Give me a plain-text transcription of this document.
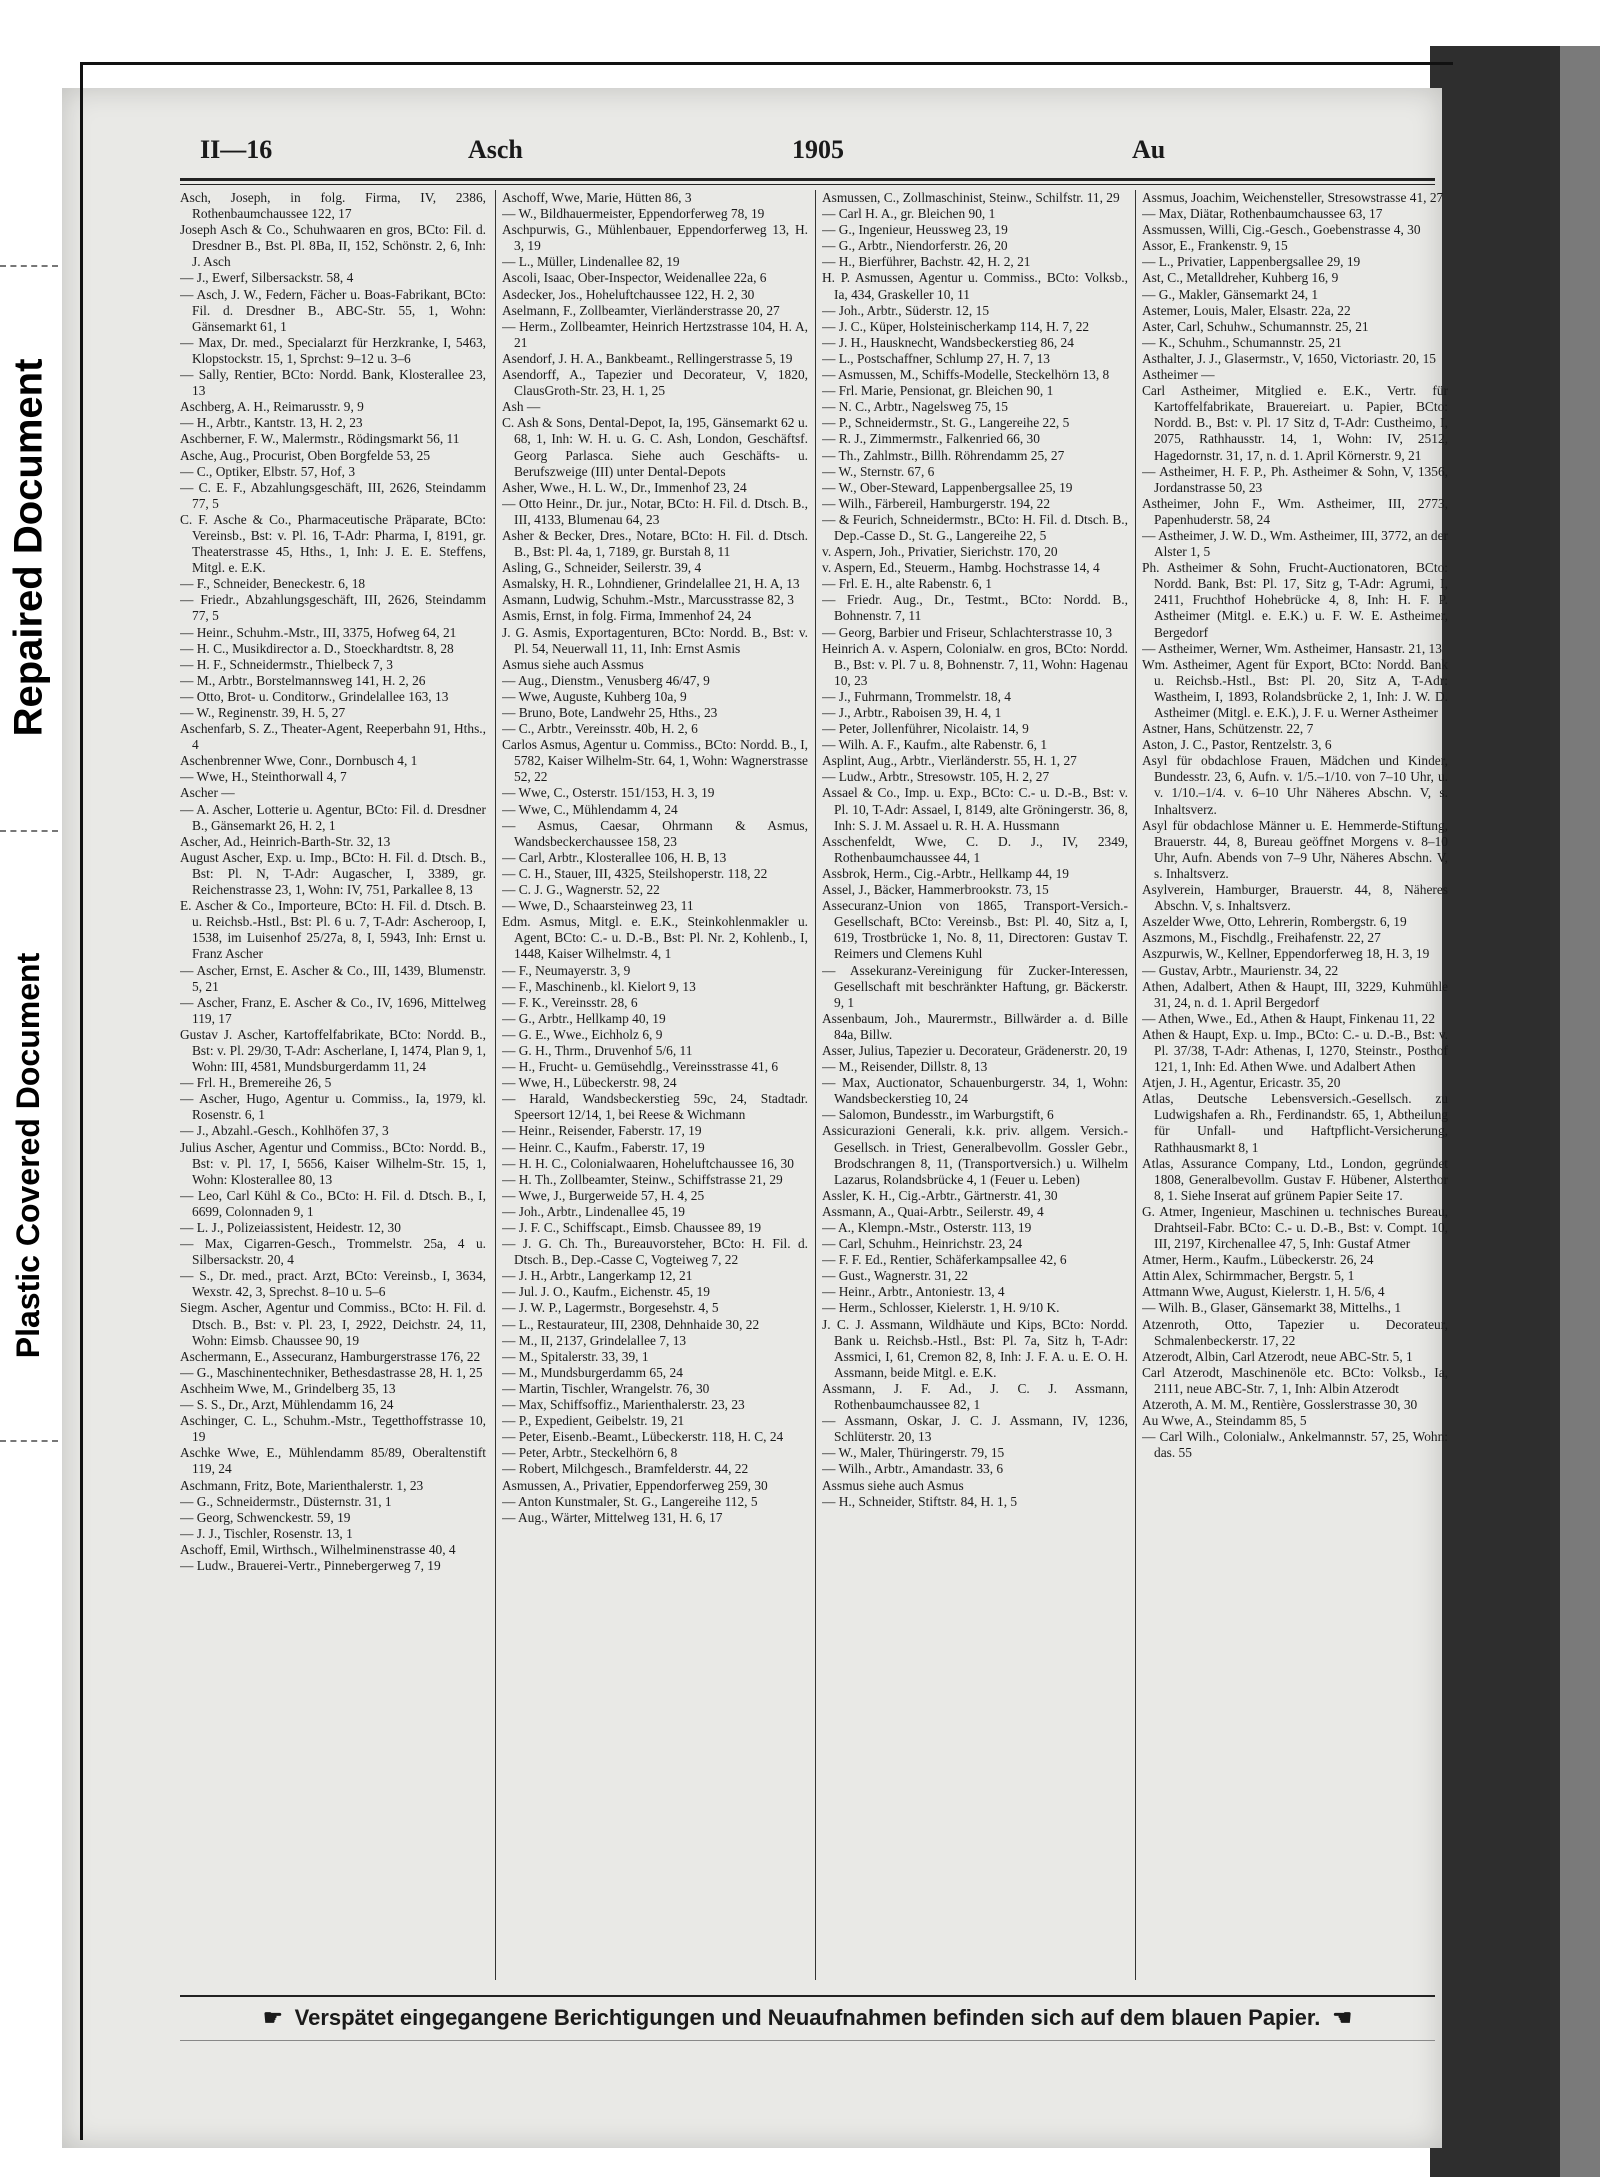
Repaired Document
Plastic Covered Document
II—16	Asch	1905	Au

Asch, Joseph, in folg. Firma, IV, 2386, Rothenbaumchaussee 122, 17

Joseph Asch & Co., Schuhwaaren en gros, BCto: Fil. d. Dresdner B., Bst. Pl. 8Ba, II, 152, Schönstr. 2, 6, Inh: J. Asch

— J., Ewerf, Silbersackstr. 58, 4

— Asch, J. W., Federn, Fächer u. Boas-Fabrikant, BCto: Fil. d. Dresdner B., ABC-Str. 55, 1, Wohn: Gänsemarkt 61, 1

— Max, Dr. med., Specialarzt für Herzkranke, I, 5463, Klopstockstr. 15, 1, Sprchst: 9–12 u. 3–6

— Sally, Rentier, BCto: Nordd. Bank, Klosterallee 23, 13

Aschberg, A. H., Reimarusstr. 9, 9

— H., Arbtr., Kantstr. 13, H. 2, 23

Aschberner, F. W., Malermstr., Rödingsmarkt 56, 11

Asche, Aug., Procurist, Oben Borgfelde 53, 25

— C., Optiker, Elbstr. 57, Hof, 3

— C. E. F., Abzahlungsgeschäft, III, 2626, Steindamm 77, 5

C. F. Asche & Co., Pharmaceutische Präparate, BCto: Vereinsb., Bst: v. Pl. 16, T-Adr: Pharma, I, 8191, gr. Theaterstrasse 45, Hths., 1, Inh: J. E. E. Steffens, Mitgl. e. E.K.

— F., Schneider, Beneckestr. 6, 18

— Friedr., Abzahlungsgeschäft, III, 2626, Steindamm 77, 5

— Heinr., Schuhm.-Mstr., III, 3375, Hofweg 64, 21

— H. C., Musikdirector a. D., Stoeckhardtstr. 8, 28

— H. F., Schneidermstr., Thielbeck 7, 3

— M., Arbtr., Borstelmannsweg 141, H. 2, 26

— Otto, Brot- u. Conditorw., Grindelallee 163, 13

— W., Reginenstr. 39, H. 5, 27

Aschenfarb, S. Z., Theater-Agent, Reeperbahn 91, Hths., 4

Aschenbrenner Wwe, Conr., Dornbusch 4, 1

— Wwe, H., Steinthorwall 4, 7

Ascher —

— A. Ascher, Lotterie u. Agentur, BCto: Fil. d. Dresdner B., Gänsemarkt 26, H. 2, 1

Ascher, Ad., Heinrich-Barth-Str. 32, 13

August Ascher, Exp. u. Imp., BCto: H. Fil. d. Dtsch. B., Bst: Pl. N, T-Adr: Augascher, I, 3389, gr. Reichenstrasse 23, 1, Wohn: IV, 751, Parkallee 8, 13

E. Ascher & Co., Importeure, BCto: H. Fil. d. Dtsch. B. u. Reichsb.-Hstl., Bst: Pl. 6 u. 7, T-Adr: Ascheroop, I, 1538, im Luisenhof 25/27a, 8, I, 5943, Inh: Ernst u. Franz Ascher

— Ascher, Ernst, E. Ascher & Co., III, 1439, Blumenstr. 5, 21

— Ascher, Franz, E. Ascher & Co., IV, 1696, Mittelweg 119, 17

Gustav J. Ascher, Kartoffelfabrikate, BCto: Nordd. B., Bst: v. Pl. 29/30, T-Adr: Ascherlane, I, 1474, Plan 9, 1, Wohn: III, 4581, Mundsburgerdamm 11, 24

— Frl. H., Bremereihe 26, 5

— Ascher, Hugo, Agentur u. Commiss., Ia, 1979, kl. Rosenstr. 6, 1

— J., Abzahl.-Gesch., Kohlhöfen 37, 3

Julius Ascher, Agentur und Commiss., BCto: Nordd. B., Bst: v. Pl. 17, I, 5656, Kaiser Wilhelm-Str. 15, 1, Wohn: Klosterallee 80, 13

— Leo, Carl Kühl & Co., BCto: H. Fil. d. Dtsch. B., I, 6699, Colonnaden 9, 1

— L. J., Polizeiassistent, Heidestr. 12, 30

— Max, Cigarren-Gesch., Trommelstr. 25a, 4 u. Silbersackstr. 20, 4

— S., Dr. med., pract. Arzt, BCto: Vereinsb., I, 3634, Wexstr. 42, 3, Sprechst. 8–10 u. 5–6

Siegm. Ascher, Agentur und Commiss., BCto: H. Fil. d. Dtsch. B., Bst: v. Pl. 23, I, 2922, Deichstr. 24, 11, Wohn: Eimsb. Chaussee 90, 19

Aschermann, E., Assecuranz, Hamburgerstrasse 176, 22

— G., Maschinentechniker, Bethesdastrasse 28, H. 1, 25

Aschheim Wwe, M., Grindelberg 35, 13

— S. S., Dr., Arzt, Mühlendamm 16, 24

Aschinger, C. L., Schuhm.-Mstr., Tegetthoffstrasse 10, 19

Aschke Wwe, E., Mühlendamm 85/89, Oberaltenstift 119, 24

Aschmann, Fritz, Bote, Marienthalerstr. 1, 23

— G., Schneidermstr., Düsternstr. 31, 1

— Georg, Schwenckestr. 59, 19

— J. J., Tischler, Rosenstr. 13, 1

Aschoff, Emil, Wirthsch., Wilhelminenstrasse 40, 4

— Ludw., Brauerei-Vertr., Pinnebergerweg 7, 19

Aschoff, Wwe, Marie, Hütten 86, 3

— W., Bildhauermeister, Eppendorferweg 78, 19

Aschpurwis, G., Mühlenbauer, Eppendorferweg 13, H. 3, 19

— L., Müller, Lindenallee 82, 19

Ascoli, Isaac, Ober-Inspector, Weidenallee 22a, 6

Asdecker, Jos., Hoheluftchaussee 122, H. 2, 30

Aselmann, F., Zollbeamter, Vierländerstrasse 20, 27

— Herm., Zollbeamter, Heinrich Hertzstrasse 104, H. A, 21

Asendorf, J. H. A., Bankbeamt., Rellingerstrasse 5, 19

Asendorff, A., Tapezier und Decorateur, V, 1820, ClausGroth-Str. 23, H. 1, 25

Ash —

C. Ash & Sons, Dental-Depot, Ia, 195, Gänsemarkt 62 u. 68, 1, Inh: W. H. u. G. C. Ash, London, Geschäftsf. Georg Parlasca. Siehe auch Geschäfts- u. Berufszweige (III) unter Dental-Depots

Asher, Wwe., H. L. W., Dr., Immenhof 23, 24

— Otto Heinr., Dr. jur., Notar, BCto: H. Fil. d. Dtsch. B., III, 4133, Blumenau 64, 23

Asher & Becker, Dres., Notare, BCto: H. Fil. d. Dtsch. B., Bst: Pl. 4a, 1, 7189, gr. Burstah 8, 11

Asling, G., Schneider, Seilerstr. 39, 4

Asmalsky, H. R., Lohndiener, Grindelallee 21, H. A, 13

Asmann, Ludwig, Schuhm.-Mstr., Marcusstrasse 82, 3

Asmis, Ernst, in folg. Firma, Immenhof 24, 24

J. G. Asmis, Exportagenturen, BCto: Nordd. B., Bst: v. Pl. 54, Neuerwall 11, 11, Inh: Ernst Asmis

Asmus siehe auch Assmus

— Aug., Dienstm., Venusberg 46/47, 9

— Wwe, Auguste, Kuhberg 10a, 9

— Bruno, Bote, Landwehr 25, Hths., 23

— C., Arbtr., Vereinsstr. 40b, H. 2, 6

Carlos Asmus, Agentur u. Commiss., BCto: Nordd. B., I, 5782, Kaiser Wilhelm-Str. 64, 1, Wohn: Wagnerstrasse 52, 22

— Wwe, C., Osterstr. 151/153, H. 3, 19

— Wwe, C., Mühlendamm 4, 24

— Asmus, Caesar, Ohrmann & Asmus, Wandsbeckerchaussee 158, 23

— Carl, Arbtr., Klosterallee 106, H. B, 13

— C. H., Stauer, III, 4325, Steilshoperstr. 118, 22

— C. J. G., Wagnerstr. 52, 22

— Wwe, D., Schaarsteinweg 23, 11

Edm. Asmus, Mitgl. e. E.K., Steinkohlenmakler u. Agent, BCto: C.- u. D.-B., Bst: Pl. Nr. 2, Kohlenb., I, 1448, Kaiser Wilhelmstr. 4, 1

— F., Neumayerstr. 3, 9

— F., Maschinenb., kl. Kielort 9, 13

— F. K., Vereinsstr. 28, 6

— G., Arbtr., Hellkamp 40, 19

— G. E., Wwe., Eichholz 6, 9

— G. H., Thrm., Druvenhof 5/6, 11

— H., Frucht- u. Gemüsehdlg., Vereinsstrasse 41, 6

— Wwe, H., Lübeckerstr. 98, 24

— Harald, Wandsbeckerstieg 59c, 24, Stadtadr. Speersort 12/14, 1, bei Reese & Wichmann

— Heinr., Reisender, Faberstr. 17, 19

— Heinr. C., Kaufm., Faberstr. 17, 19

— H. H. C., Colonialwaaren, Hoheluftchaussee 16, 30

— H. Th., Zollbeamter, Steinw., Schiffstrasse 21, 29

— Wwe, J., Burgerweide 57, H. 4, 25

— Joh., Arbtr., Lindenallee 45, 19

— J. F. C., Schiffscapt., Eimsb. Chaussee 89, 19

— J. G. Ch. Th., Bureauvorsteher, BCto: H. Fil. d. Dtsch. B., Dep.-Casse C, Vogteiweg 7, 22

— J. H., Arbtr., Langerkamp 12, 21

— Jul. J. O., Kaufm., Eichenstr. 45, 19

— J. W. P., Lagermstr., Borgesehstr. 4, 5

— L., Restaurateur, III, 2308, Dehnhaide 30, 22

— M., II, 2137, Grindelallee 7, 13

— M., Spitalerstr. 33, 39, 1

— M., Mundsburgerdamm 65, 24

— Martin, Tischler, Wrangelstr. 76, 30

— Max, Schiffsoffiz., Marienthalerstr. 23, 23

— P., Expedient, Geibelstr. 19, 21

— Peter, Eisenb.-Beamt., Lübeckerstr. 118, H. C, 24

— Peter, Arbtr., Steckelhörn 6, 8

— Robert, Milchgesch., Bramfelderstr. 44, 22

Asmussen, A., Privatier, Eppendorferweg 259, 30

— Anton Kunstmaler, St. G., Langereihe 112, 5

— Aug., Wärter, Mittelweg 131, H. 6, 17

Asmussen, C., Zollmaschinist, Steinw., Schilfstr. 11, 29

— Carl H. A., gr. Bleichen 90, 1

— G., Ingenieur, Heussweg 23, 19

— G., Arbtr., Niendorferstr. 26, 20

— H., Bierführer, Bachstr. 42, H. 2, 21

H. P. Asmussen, Agentur u. Commiss., BCto: Volksb., Ia, 434, Graskeller 10, 11

— Joh., Arbtr., Süderstr. 12, 15

— J. C., Küper, Holsteinischerkamp 114, H. 7, 22

— J. H., Hausknecht, Wandsbeckerstieg 86, 24

— L., Postschaffner, Schlump 27, H. 7, 13

— Asmussen, M., Schiffs-Modelle, Steckelhörn 13, 8

— Frl. Marie, Pensionat, gr. Bleichen 90, 1

— N. C., Arbtr., Nagelsweg 75, 15

— P., Schneidermstr., St. G., Langereihe 22, 5

— R. J., Zimmermstr., Falkenried 66, 30

— Th., Zahlmstr., Billh. Röhrendamm 25, 27

— W., Sternstr. 67, 6

— W., Ober-Steward, Lappenbergsallee 25, 19

— Wilh., Färbereil, Hamburgerstr. 194, 22

— & Feurich, Schneidermstr., BCto: H. Fil. d. Dtsch. B., Dep.-Casse D., St. G., Langereihe 22, 5

v. Aspern, Joh., Privatier, Sierichstr. 170, 20

v. Aspern, Ed., Steuerm., Hambg. Hochstrasse 14, 4

— Frl. E. H., alte Rabenstr. 6, 1

— Friedr. Aug., Dr., Testmt., BCto: Nordd. B., Bohnenstr. 7, 11

— Georg, Barbier und Friseur, Schlachterstrasse 10, 3

Heinrich A. v. Aspern, Colonialw. en gros, BCto: Nordd. B., Bst: v. Pl. 7 u. 8, Bohnenstr. 7, 11, Wohn: Hagenau 10, 23

— J., Fuhrmann, Trommelstr. 18, 4

— J., Arbtr., Raboisen 39, H. 4, 1

— Peter, Jollenführer, Nicolaistr. 14, 9

— Wilh. A. F., Kaufm., alte Rabenstr. 6, 1

Asplint, Aug., Arbtr., Vierländerstr. 55, H. 1, 27

— Ludw., Arbtr., Stresowstr. 105, H. 2, 27

Assael & Co., Imp. u. Exp., BCto: C.- u. D.-B., Bst: v. Pl. 10, T-Adr: Assael, I, 8149, alte Gröningerstr. 36, 8, Inh: S. J. M. Assael u. R. H. A. Hussmann

Asschenfeldt, Wwe, C. D. J., IV, 2349, Rothenbaumchaussee 44, 1

Assbrok, Herm., Cig.-Arbtr., Hellkamp 44, 19

Assel, J., Bäcker, Hammerbrookstr. 73, 15

Assecuranz-Union von 1865, Transport-Versich.-Gesellschaft, BCto: Vereinsb., Bst: Pl. 40, Sitz a, I, 619, Trostbrücke 1, No. 8, 11, Directoren: Gustav T. Reimers und Clemens Kuhl

— Assekuranz-Vereinigung für Zucker-Interessen, Gesellschaft mit beschränkter Haftung, gr. Bäckerstr. 9, 1

Assenbaum, Joh., Maurermstr., Billwärder a. d. Bille 84a, Billw.

Asser, Julius, Tapezier u. Decorateur, Grädenerstr. 20, 19

— M., Reisender, Dillstr. 8, 13

— Max, Auctionator, Schauenburgerstr. 34, 1, Wohn: Wandsbeckerstieg 10, 24

— Salomon, Bundesstr., im Warburgstift, 6

Assicurazioni Generali, k.k. priv. allgem. Versich.-Gesellsch. in Triest, Generalbevollm. Gossler Gebr., Brodschrangen 8, 11, (Transportversich.) u. Wilhelm Lazarus, Rolandsbrücke 4, 1 (Feuer u. Leben)

Assler, K. H., Cig.-Arbtr., Gärtnerstr. 41, 30

Assmann, A., Quai-Arbtr., Seilerstr. 49, 4

— A., Klempn.-Mstr., Osterstr. 113, 19

— Carl, Schuhm., Heinrichstr. 23, 24

— F. F. Ed., Rentier, Schäferkampsallee 42, 6

— Gust., Wagnerstr. 31, 22

— Heinr., Arbtr., Antoniestr. 13, 4

— Herm., Schlosser, Kielerstr. 1, H. 9/10 K.

J. C. J. Assmann, Wildhäute und Kips, BCto: Nordd. Bank u. Reichsb.-Hstl., Bst: Pl. 7a, Sitz h, T-Adr: Assmici, I, 61, Cremon 82, 8, Inh: J. F. A. u. E. O. H. Assmann, beide Mitgl. e. E.K.

Assmann, J. F. Ad., J. C. J. Assmann, Rothenbaumchaussee 82, 1

— Assmann, Oskar, J. C. J. Assmann, IV, 1236, Schlüterstr. 20, 13

— W., Maler, Thüringerstr. 79, 15

— Wilh., Arbtr., Amandastr. 33, 6

Assmus siehe auch Asmus

— H., Schneider, Stiftstr. 84, H. 1, 5

Assmus, Joachim, Weichensteller, Stresowstrasse 41, 27

— Max, Diätar, Rothenbaumchaussee 63, 17

Assmussen, Willi, Cig.-Gesch., Goebenstrasse 4, 30

Assor, E., Frankenstr. 9, 15

— L., Privatier, Lappenbergsallee 29, 19

Ast, C., Metalldreher, Kuhberg 16, 9

— G., Makler, Gänsemarkt 24, 1

Astemer, Louis, Maler, Elsastr. 22a, 22

Aster, Carl, Schuhw., Schumannstr. 25, 21

— K., Schuhm., Schumannstr. 25, 21

Asthalter, J. J., Glasermstr., V, 1650, Victoriastr. 20, 15

Astheimer —

Carl Astheimer, Mitglied e. E.K., Vertr. für Kartoffelfabrikate, Brauereiart. u. Papier, BCto: Nordd. B., Bst: v. Pl. 17 Sitz d, T-Adr: Custheimo, I, 2075, Rathhausstr. 14, 1, Wohn: IV, 2512, Hagedornstr. 31, 17, n. d. 1. April Körnerstr. 9, 21

— Astheimer, H. F. P., Ph. Astheimer & Sohn, V, 1356, Jordanstrasse 50, 23

Astheimer, John F., Wm. Astheimer, III, 2773, Papenhuderstr. 58, 24

— Astheimer, J. W. D., Wm. Astheimer, III, 3772, an der Alster 1, 5

Ph. Astheimer & Sohn, Frucht-Auctionatoren, BCto: Nordd. Bank, Bst: Pl. 17, Sitz g, T-Adr: Agrumi, I, 2411, Fruchthof Hohebrücke 4, 8, Inh: H. F. P. Astheimer (Mitgl. e. E.K.) u. F. W. E. Astheimer, Bergedorf

— Astheimer, Werner, Wm. Astheimer, Hansastr. 21, 13

Wm. Astheimer, Agent für Export, BCto: Nordd. Bank u. Reichsb.-Hstl., Bst: Pl. 20, Sitz A, T-Adr: Wastheim, I, 1893, Rolandsbrücke 2, 1, Inh: J. W. D. Astheimer (Mitgl. e. E.K.), J. F. u. Werner Astheimer

Astner, Hans, Schützenstr. 22, 7

Aston, J. C., Pastor, Rentzelstr. 3, 6

Asyl für obdachlose Frauen, Mädchen und Kinder, Bundesstr. 23, 6, Aufn. v. 1/5.–1/10. von 7–10 Uhr, u. v. 1/10.–1/4. v. 6–10 Uhr Näheres Abschn. V, s. Inhaltsverz.

Asyl für obdachlose Männer u. E. Hemmerde-Stiftung, Brauerstr. 44, 8, Bureau geöffnet Morgens v. 8–10 Uhr, Aufn. Abends von 7–9 Uhr, Näheres Abschn. V, s. Inhaltsverz.

Asylverein, Hamburger, Brauerstr. 44, 8, Näheres Abschn. V, s. Inhaltsverz.

Aszelder Wwe, Otto, Lehrerin, Rombergstr. 6, 19

Aszmons, M., Fischdlg., Freihafenstr. 22, 27

Aszpurwis, W., Kellner, Eppendorferweg 18, H. 3, 19

— Gustav, Arbtr., Maurienstr. 34, 22

Athen, Adalbert, Athen & Haupt, III, 3229, Kuhmühle 31, 24, n. d. 1. April Bergedorf

— Athen, Wwe., Ed., Athen & Haupt, Finkenau 11, 22

Athen & Haupt, Exp. u. Imp., BCto: C.- u. D.-B., Bst: v. Pl. 37/38, T-Adr: Athenas, I, 1270, Steinstr., Posthof 121, 1, Inh: Ed. Athen Wwe. und Adalbert Athen

Atjen, J. H., Agentur, Ericastr. 35, 20

Atlas, Deutsche Lebensversich.-Gesellsch. zu Ludwigshafen a. Rh., Ferdinandstr. 65, 1, Abtheilung für Unfall- und Haftpflicht-Versicherung, Rathhausmarkt 8, 1

Atlas, Assurance Company, Ltd., London, gegründet 1808, Generalbevollm. Gustav F. Hübener, Alsterthor 8, 1. Siehe Inserat auf grünem Papier Seite 17.

G. Atmer, Ingenieur, Maschinen u. technisches Bureau, Drahtseil-Fabr. BCto: C.- u. D.-B., Bst: v. Compt. 10, III, 2197, Kirchenallee 47, 5, Inh: Gustaf Atmer

Atmer, Herm., Kaufm., Lübeckerstr. 26, 24

Attin Alex, Schirmmacher, Bergstr. 5, 1

Attmann Wwe, August, Kielerstr. 1, H. 5/6, 4

— Wilh. B., Glaser, Gänsemarkt 38, Mittelhs., 1

Atzenroth, Otto, Tapezier u. Decorateur, Schmalenbeckerstr. 17, 22

Atzerodt, Albin, Carl Atzerodt, neue ABC-Str. 5, 1

Carl Atzerodt, Maschinenöle etc. BCto: Volksb., Ia, 2111, neue ABC-Str. 7, 1, Inh: Albin Atzerodt

Atzeroth, A. M. M., Rentière, Gosslerstrasse 30, 30

Au Wwe, A., Steindamm 85, 5

— Carl Wilh., Colonialw., Ankelmannstr. 57, 25, Wohn: das. 55

☛ Verspätet eingegangene Berichtigungen und Neuaufnahmen befinden sich auf dem blauen Papier. ☚
